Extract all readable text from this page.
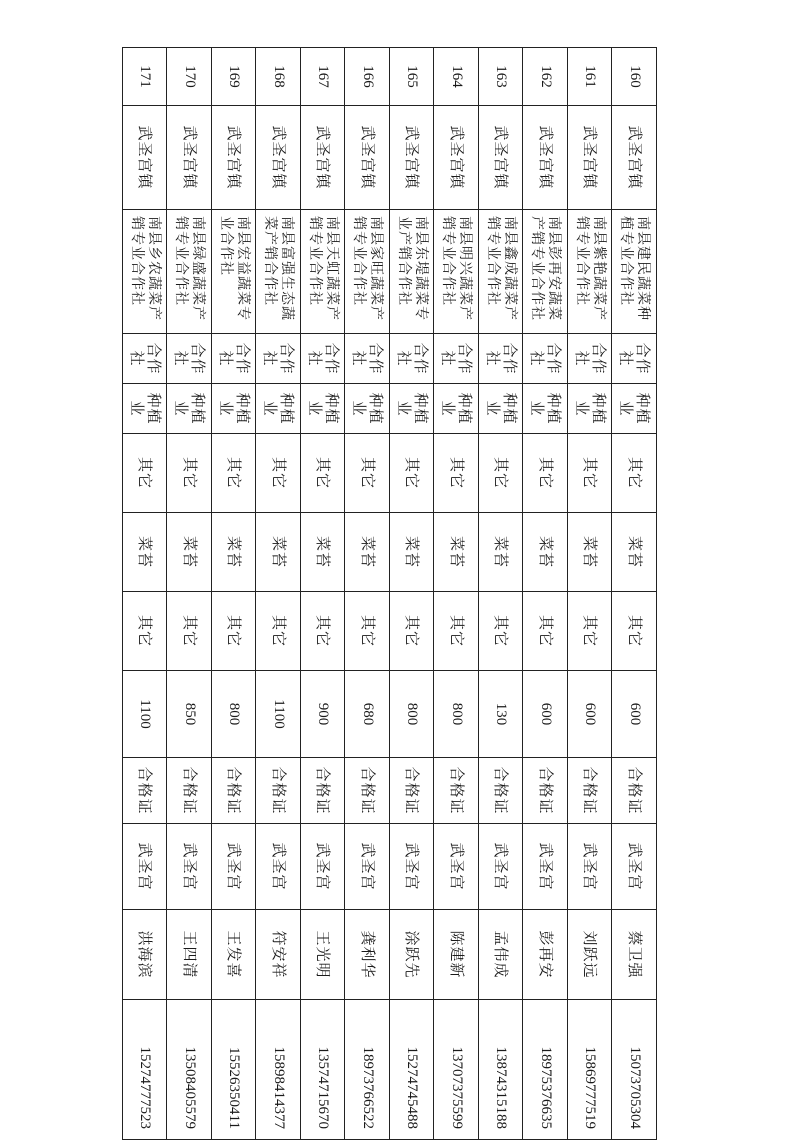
160	武圣宫镇	南县建民蔬菜种植专业合作社	合作社	种植业	其它	菜苔	其它	600	合格证	武圣宫	蔡卫强	15073705304
161	武圣宫镇	南县紫艳蔬菜产销专业合作社	合作社	种植业	其它	菜苔	其它	600	合格证	武圣宫	刘跃远	15869777519
162	武圣宫镇	南县彭再安蔬菜产销专业合作社	合作社	种植业	其它	菜苔	其它	600	合格证	武圣宫	彭再安	18975376635
163	武圣宫镇	南县鑫成蔬菜产销专业合作社	合作社	种植业	其它	菜苔	其它	130	合格证	武圣宫	孟伟成	13874315188
164	武圣宫镇	南县明兴蔬菜产销专业合作社	合作社	种植业	其它	菜苔	其它	800	合格证	武圣宫	陈建新	13707375599
165	武圣宫镇	南县东堤蔬菜专业产销合作社	合作社	种植业	其它	菜苔	其它	800	合格证	武圣宫	涂跃先	15274745488
166	武圣宫镇	南县家旺蔬菜产销专业合作社	合作社	种植业	其它	菜苔	其它	680	合格证	武圣宫	龚利华	18973766522
167	武圣宫镇	南县天虹蔬菜产销专业合作社	合作社	种植业	其它	菜苔	其它	900	合格证	武圣宫	王光明	13574715670
168	武圣宫镇	南县富强生态蔬菜产销合作社	合作社	种植业	其它	菜苔	其它	1100	合格证	武圣宫	符安祥	15898414377
169	武圣宫镇	南县宏益蔬菜专业合作社	合作社	种植业	其它	菜苔	其它	800	合格证	武圣宫	王发喜	15526350411
170	武圣宫镇	南县绿盛蔬菜产销专业合作社	合作社	种植业	其它	菜苔	其它	850	合格证	武圣宫	王四清	13508405579
171	武圣宫镇	南县乡农蔬菜产销专业合作社	合作社	种植业	其它	菜苔	其它	1100	合格证	武圣宫	洪海滨	15274777523
